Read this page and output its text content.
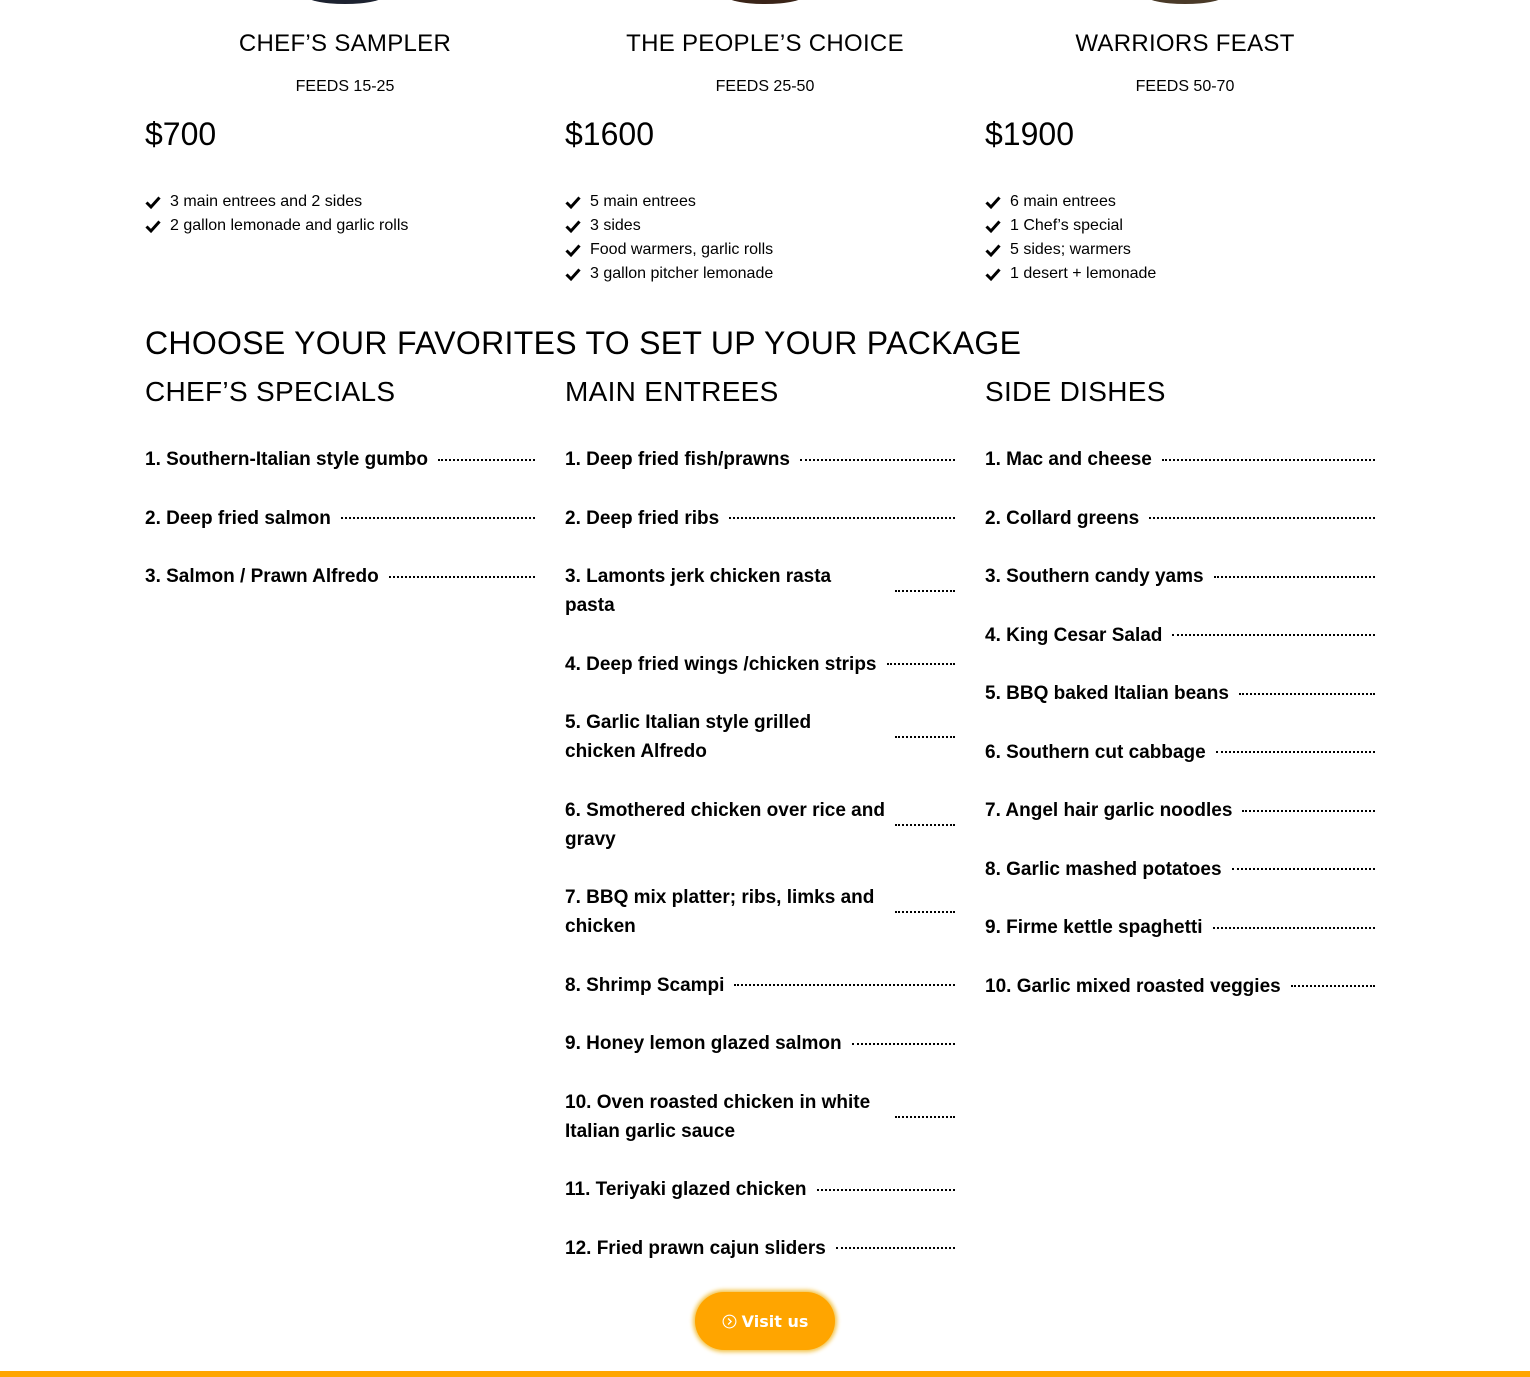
CHEF’S SAMPLER
FEEDS 15-25
$700
3 main entrees and 2 sides
2 gallon lemonade and garlic rolls
THE PEOPLE’S CHOICE
FEEDS 25-50
$1600
5 main entrees
3 sides
Food warmers, garlic rolls
3 gallon pitcher lemonade
WARRIORS FEAST
FEEDS 50-70
$1900
6 main entrees
1 Chef’s special
5 sides; warmers
1 desert + lemonade
CHOOSE YOUR FAVORITES TO SET UP YOUR PACKAGE
CHEF’S SPECIALS
1. Southern-Italian style gumbo
2. Deep fried salmon
3. Salmon / Prawn Alfredo
MAIN ENTREES
1. Deep fried fish/prawns
2. Deep fried ribs
3. Lamonts jerk chicken rasta pasta
4. Deep fried wings /chicken strips
5. Garlic Italian style grilled chicken Alfredo
6. Smothered chicken over rice and gravy
7. BBQ mix platter; ribs, limks and chicken
8. Shrimp Scampi
9. Honey lemon glazed salmon
10. Oven roasted chicken in white Italian garlic sauce
11. Teriyaki glazed chicken
12. Fried prawn cajun sliders
SIDE DISHES
1. Mac and cheese
2. Collard greens
3. Southern candy yams
4. King Cesar Salad
5. BBQ baked Italian beans
6. Southern cut cabbage
7. Angel hair garlic noodles
8. Garlic mashed potatoes
9. Firme kettle spaghetti
10. Garlic mixed roasted veggies
Visit us
